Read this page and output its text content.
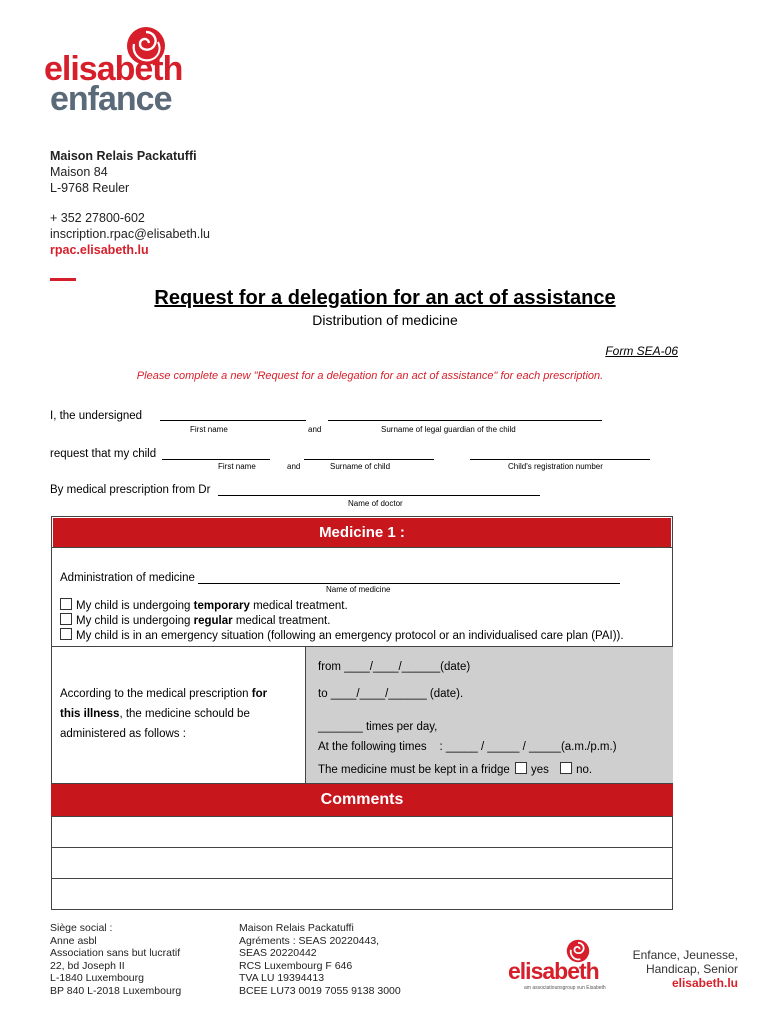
elisabeth
enfance
Maison Relais Packatuffi
Maison 84
L-9768 Reuler
+ 352 27800-602
inscription.rpac@elisabeth.lu
rpac.elisabeth.lu
Request for a delegation for an act of assistance
Distribution of medicine
Form SEA-06
Please complete a new "Request for a delegation for an act of assistance" for each prescription.
I, the undersigned
First name	and	Surname of legal guardian of the child
request that my child
First name	and	Surname of child	Child's registration number
By medical prescription from Dr
Name of doctor
Medicine 1 :
Administration of medicine
Name of medicine
My child is undergoing temporary medical treatment.
My child is undergoing regular medical treatment.
My child is in an emergency situation (following an emergency protocol or an individualised care plan (PAI)).
According to the medical prescription for
this illness, the medicine schould be
administered as follows :
from ____/____/______(date)
to ____/____/______ (date).
_______ times per day,
At the following times    : _____ / _____ / _____(a.m./p.m.)
The medicine must be kept in a fridge yes no.
Comments
Siège social :
Anne asbl
Association sans but lucratif
22, bd Joseph II
L-1840 Luxembourg
BP 840 L-2018 Luxembourg
Maison Relais Packatuffi
Agréments : SEAS 20220443,
SEAS 20220442
RCS Luxembourg F 646
TVA LU 19394413
BCEE LU73 0019 7055 9138 3000
elisabeth
am associatiounsgroup vun Eisabeth
Enfance, Jeunesse,
Handicap, Senior
elisabeth.lu
